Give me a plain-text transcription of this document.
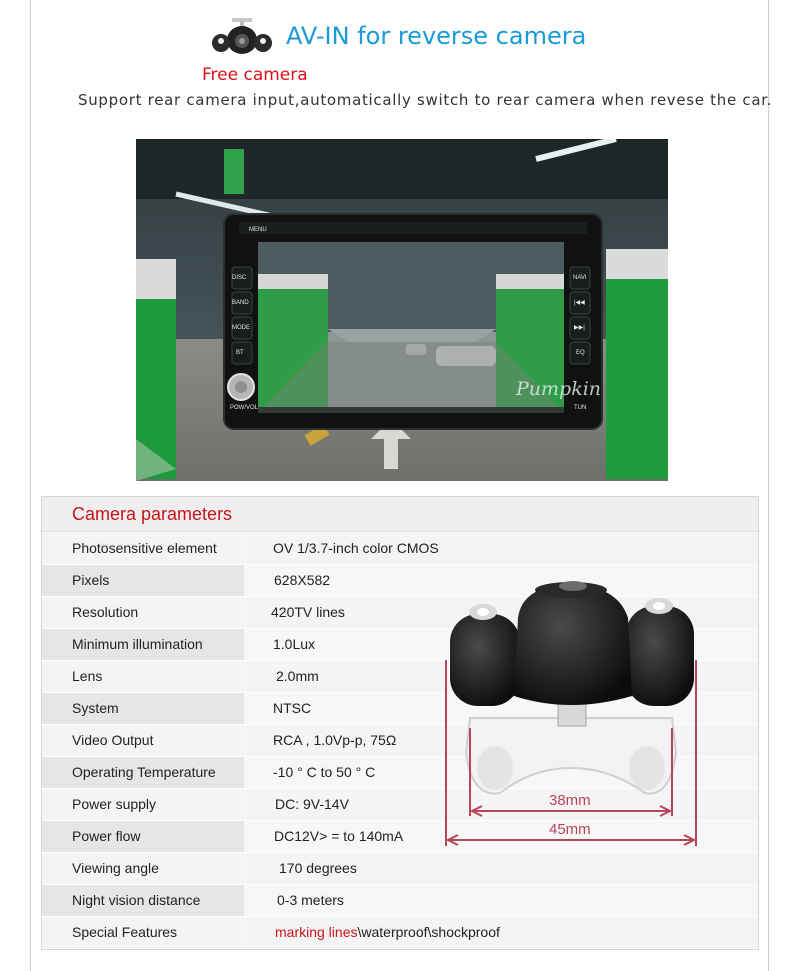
AV-IN for reverse camera
Free camera
Support rear camera input,automatically switch to rear camera when revese the car.
DISC
BAND
MODE
BT
NAVI
|◀◀
▶▶|
EQ
MENU
POW/VOL	TUN
Pumpkin
Camera parameters
Photosensitive element	OV 1/3.7-inch color CMOS
Pixels	628X582
Resolution	420TV lines
Minimum illumination	1.0Lux
Lens	2.0mm
System	NTSC
Video Output	RCA , 1.0Vp-p, 75Ω
Operating Temperature	-10 ° C to 50 ° C
Power supply	DC: 9V-14V
Power flow	DC12V> = to 140mA
Viewing angle	170 degrees
Night vision distance	0-3 meters
Special Features	marking lines\waterproof\shockproof
38mm
45mm
